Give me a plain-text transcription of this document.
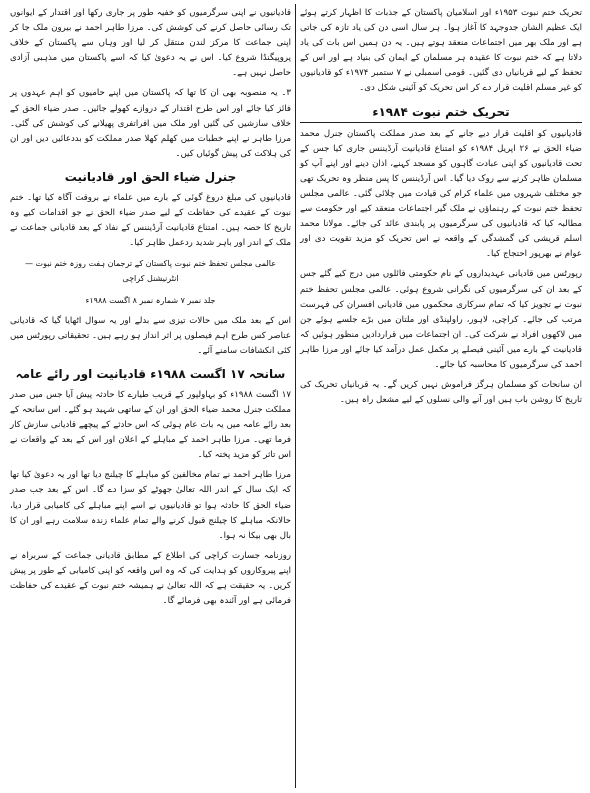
تحریک ختم نبوت ۱۹۵۳ء اور اسلامیان پاکستان کے جذبات کا اظہار کرتے ہوئے ایک عظیم الشان جدوجہد کا آغاز ہوا۔ ہر سال اسی دن کی یاد تازہ کی جاتی ہے اور ملک بھر میں اجتماعات منعقد ہوتے ہیں۔ یہ دن ہمیں اس بات کی یاد دلاتا ہے کہ ختم نبوت کا عقیدہ ہر مسلمان کے ایمان کی بنیاد ہے اور اس کے تحفظ کے لیے قربانیاں دی گئیں۔ قومی اسمبلی نے ۷ ستمبر ۱۹۷۴ء کو قادیانیوں کو غیر مسلم اقلیت قرار دے کر اس تحریک کو آئینی شکل دی۔

تحریک ختم نبوت ۱۹۸۴ء

قادیانیوں کو اقلیت قرار دیے جانے کے بعد صدر مملکت پاکستان جنرل محمد ضیاء الحق نے ۲۶ اپریل ۱۹۸۴ء کو امتناع قادیانیت آرڈیننس جاری کیا جس کے تحت قادیانیوں کو اپنی عبادت گاہوں کو مسجد کہنے، اذان دینے اور اپنے آپ کو مسلمان ظاہر کرنے سے روک دیا گیا۔ اس آرڈیننس کا پس منظر وہ تحریک تھی جو مختلف شہروں میں علماء کرام کی قیادت میں چلائی گئی۔ عالمی مجلس تحفظ ختم نبوت کے رہنماؤں نے ملک گیر اجتماعات منعقد کیے اور حکومت سے مطالبہ کیا کہ قادیانیوں کی سرگرمیوں پر پابندی عائد کی جائے۔ مولانا محمد اسلم قریشی کی گمشدگی کے واقعہ نے اس تحریک کو مزید تقویت دی اور عوام نے بھرپور احتجاج کیا۔

رپورٹس میں قادیانی عہدیداروں کے نام حکومتی فائلوں میں درج کیے گئے جس کے بعد ان کی سرگرمیوں کی نگرانی شروع ہوئی۔ عالمی مجلس تحفظ ختم نبوت نے تجویز کیا کہ تمام سرکاری محکموں میں قادیانی افسران کی فہرست مرتب کی جائے۔ کراچی، لاہور، راولپنڈی اور ملتان میں بڑے جلسے ہوئے جن میں لاکھوں افراد نے شرکت کی۔ ان اجتماعات میں قراردادیں منظور ہوئیں کہ قادیانیت کے بارے میں آئینی فیصلے پر مکمل عمل درآمد کیا جائے اور مرزا طاہر احمد کی سرگرمیوں کا محاسبہ کیا جائے۔

ان سانحات کو مسلمان ہرگز فراموش نہیں کریں گے۔ یہ قربانیاں تحریک کی تاریخ کا روشن باب ہیں اور آنے والی نسلوں کے لیے مشعل راہ ہیں۔

قادیانیوں نے اپنی سرگرمیوں کو خفیہ طور پر جاری رکھا اور اقتدار کے ایوانوں تک رسائی حاصل کرنے کی کوشش کی۔ مرزا طاہر احمد نے بیرون ملک جا کر اپنی جماعت کا مرکز لندن منتقل کر لیا اور وہاں سے پاکستان کے خلاف پروپیگنڈا شروع کیا۔ اس نے یہ دعویٰ کیا کہ اسے پاکستان میں مذہبی آزادی حاصل نہیں ہے۔

۳۔ یہ منصوبہ بھی ان کا تھا کہ پاکستان میں اپنے حامیوں کو اہم عہدوں پر فائز کیا جائے اور اس طرح اقتدار کے دروازے کھولے جائیں۔ صدر ضیاء الحق کے خلاف سازشیں کی گئیں اور ملک میں افراتفری پھیلانے کی کوشش کی گئی۔ مرزا طاہر نے اپنے خطبات میں کھلم کھلا صدر مملکت کو بددعائیں دیں اور ان کی ہلاکت کی پیش گوئیاں کیں۔

جنرل ضیاء الحق اور قادیانیت

قادیانیوں کی مبلغ دروغ گوئی کے بارے میں علماء نے بروقت آگاہ کیا تھا۔ ختم نبوت کے عقیدے کی حفاظت کے لیے صدر ضیاء الحق نے جو اقدامات کیے وہ تاریخ کا حصہ ہیں۔ امتناع قادیانیت آرڈیننس کے نفاذ کے بعد قادیانی جماعت نے ملک کے اندر اور باہر شدید ردعمل ظاہر کیا۔

عالمی مجلس تحفظ ختم نبوت پاکستان کے ترجمان ہفت روزہ ختم نبوت — انٹرنیشنل کراچی
جلد نمبر ۷ شمارہ نمبر ۸ اگست ۱۹۸۸ء

اس کے بعد ملک میں حالات تیزی سے بدلے اور یہ سوال اٹھایا گیا کہ قادیانی عناصر کس طرح اہم فیصلوں پر اثر انداز ہو رہے ہیں۔ تحقیقاتی رپورٹس میں کئی انکشافات سامنے آئے۔

سانحہ ۱۷ اگست ۱۹۸۸ء قادیانیت اور رائے عامہ

۱۷ اگست ۱۹۸۸ء کو بہاولپور کے قریب طیارے کا حادثہ پیش آیا جس میں صدر مملکت جنرل محمد ضیاء الحق اور ان کے ساتھی شہید ہو گئے۔ اس سانحہ کے بعد رائے عامہ میں یہ بات عام ہوئی کہ اس حادثے کے پیچھے قادیانی سازش کار فرما تھی۔ مرزا طاہر احمد کے مباہلے کے اعلان اور اس کے بعد کے واقعات نے اس تاثر کو مزید پختہ کیا۔

مرزا طاہر احمد نے تمام مخالفین کو مباہلے کا چیلنج دیا تھا اور یہ دعویٰ کیا تھا کہ ایک سال کے اندر اللہ تعالیٰ جھوٹے کو سزا دے گا۔ اس کے بعد جب صدر ضیاء الحق کا حادثہ ہوا تو قادیانیوں نے اسے اپنے مباہلے کی کامیابی قرار دیا، حالانکہ مباہلے کا چیلنج قبول کرنے والے تمام علماء زندہ سلامت رہے اور ان کا بال بھی بیکا نہ ہوا۔

روزنامہ جسارت کراچی کی اطلاع کے مطابق قادیانی جماعت کے سربراہ نے اپنے پیروکاروں کو ہدایت کی کہ وہ اس واقعہ کو اپنی کامیابی کے طور پر پیش کریں۔ یہ حقیقت ہے کہ اللہ تعالیٰ نے ہمیشہ ختم نبوت کے عقیدے کی حفاظت فرمائی ہے اور آئندہ بھی فرمائے گا۔
